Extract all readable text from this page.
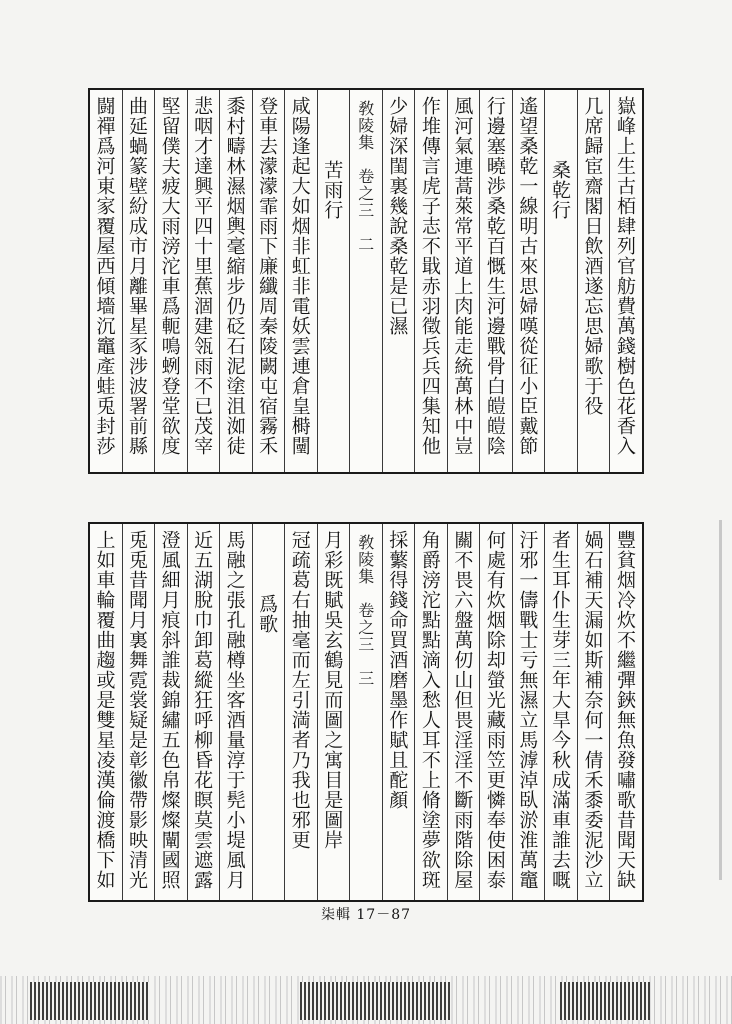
嶽峰上生古栢肆列官舫費萬錢樹色花香入
几席歸宦齋閣日飲酒遂忘思婦歌于役
桑乾行
遙望桑乾一線明古來思婦嘆從征小臣戴節
行邊塞曉渉桑乾百慨生河邊戰骨白皚皚陰
風河氣連蒿萊常平道上肉能走統萬林中豈
作堆傳言虎子志不戢赤羽徵兵兵四集知他
少婦深閨裏幾說桑乾是已濕
敎陵集　卷之三　二
苦雨行
咸陽逢起大如烟非虹非電妖雲連倉皇榯闉
登車去濛濛霏雨下廉纖周秦陵闕屯宿霧禾
黍村疇林濕烟輿毫縮步仍砭石泥塗沮洳徒
悲咽才達興平四十里蕉涸建瓴雨不已茂宰
堅留僕夫疲大雨滂沱車爲軛鳴蛚登堂欲度
曲延蝸篆壁紛成市月離畢星豕涉波署前縣
闘禪爲河東家覆屋西傾墻沉竈產蛙兎封莎
豐貧烟冷炊不繼彈鋏無魚發嘯歌昔聞天缺
媧石補天漏如斯補奈何一倩禾黍委泥沙立
者生耳仆生芽三年大旱今秋成滿車誰去嘅
汙邪一儔戰士亏無濕立馬滹淖臥淤淮萬竈
何處有炊烟除却螢光藏雨笠更憐奉使困泰
關不畏六盤萬仞山但畏淫淫不斷雨階除屋
角爵滂沱點點滴入愁人耳不上脩塗夢欲斑
採蘩得錢命買酒磨墨作賦且酡顏
敎陵集　卷之三　三
月彩既賦吳玄鶴見而圖之寓目是圖岸
冠疏葛右抽毫而左引満者乃我也邪更
爲歌
馬融之張孔融樽坐客酒量淳于髡小堤風月
近五湖脫巾卸葛縱狂呼柳昏花瞑莫雲遮露
澄風細月痕斜誰裁錦繡五色帛燦燦闡國照
兎兎昔聞月裏舞霓裳疑是彰徽帶影映清光
上如車輪覆曲趨或是雙星凌漢倫渡橋下如
柒輯 17－87
